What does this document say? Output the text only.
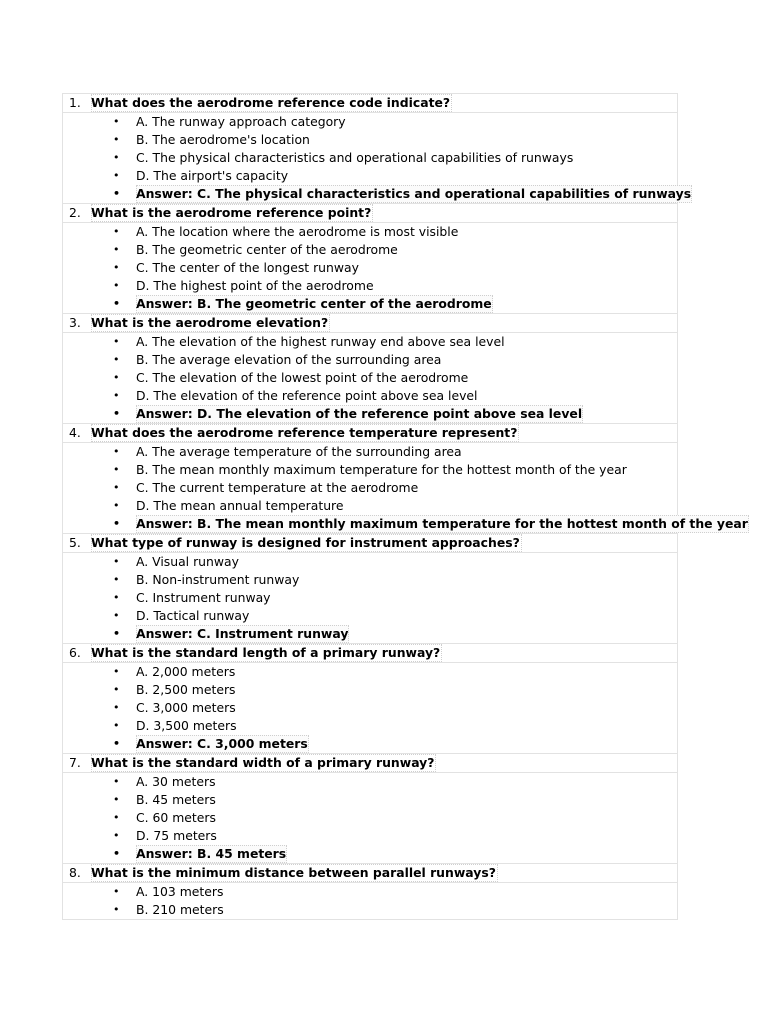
1. What does the aerodrome reference code indicate?
• A. The runway approach category
• B. The aerodrome's location
• C. The physical characteristics and operational capabilities of runways
• D. The airport's capacity
• Answer: C. The physical characteristics and operational capabilities of runways
2. What is the aerodrome reference point?
• A. The location where the aerodrome is most visible
• B. The geometric center of the aerodrome
• C. The center of the longest runway
• D. The highest point of the aerodrome
• Answer: B. The geometric center of the aerodrome
3. What is the aerodrome elevation?
• A. The elevation of the highest runway end above sea level
• B. The average elevation of the surrounding area
• C. The elevation of the lowest point of the aerodrome
• D. The elevation of the reference point above sea level
• Answer: D. The elevation of the reference point above sea level
4. What does the aerodrome reference temperature represent?
• A. The average temperature of the surrounding area
• B. The mean monthly maximum temperature for the hottest month of the year
• C. The current temperature at the aerodrome
• D. The mean annual temperature
• Answer: B. The mean monthly maximum temperature for the hottest month of the year
5. What type of runway is designed for instrument approaches?
• A. Visual runway
• B. Non-instrument runway
• C. Instrument runway
• D. Tactical runway
• Answer: C. Instrument runway
6. What is the standard length of a primary runway?
• A. 2,000 meters
• B. 2,500 meters
• C. 3,000 meters
• D. 3,500 meters
• Answer: C. 3,000 meters
7. What is the standard width of a primary runway?
• A. 30 meters
• B. 45 meters
• C. 60 meters
• D. 75 meters
• Answer: B. 45 meters
8. What is the minimum distance between parallel runways?
• A. 103 meters
• B. 210 meters
